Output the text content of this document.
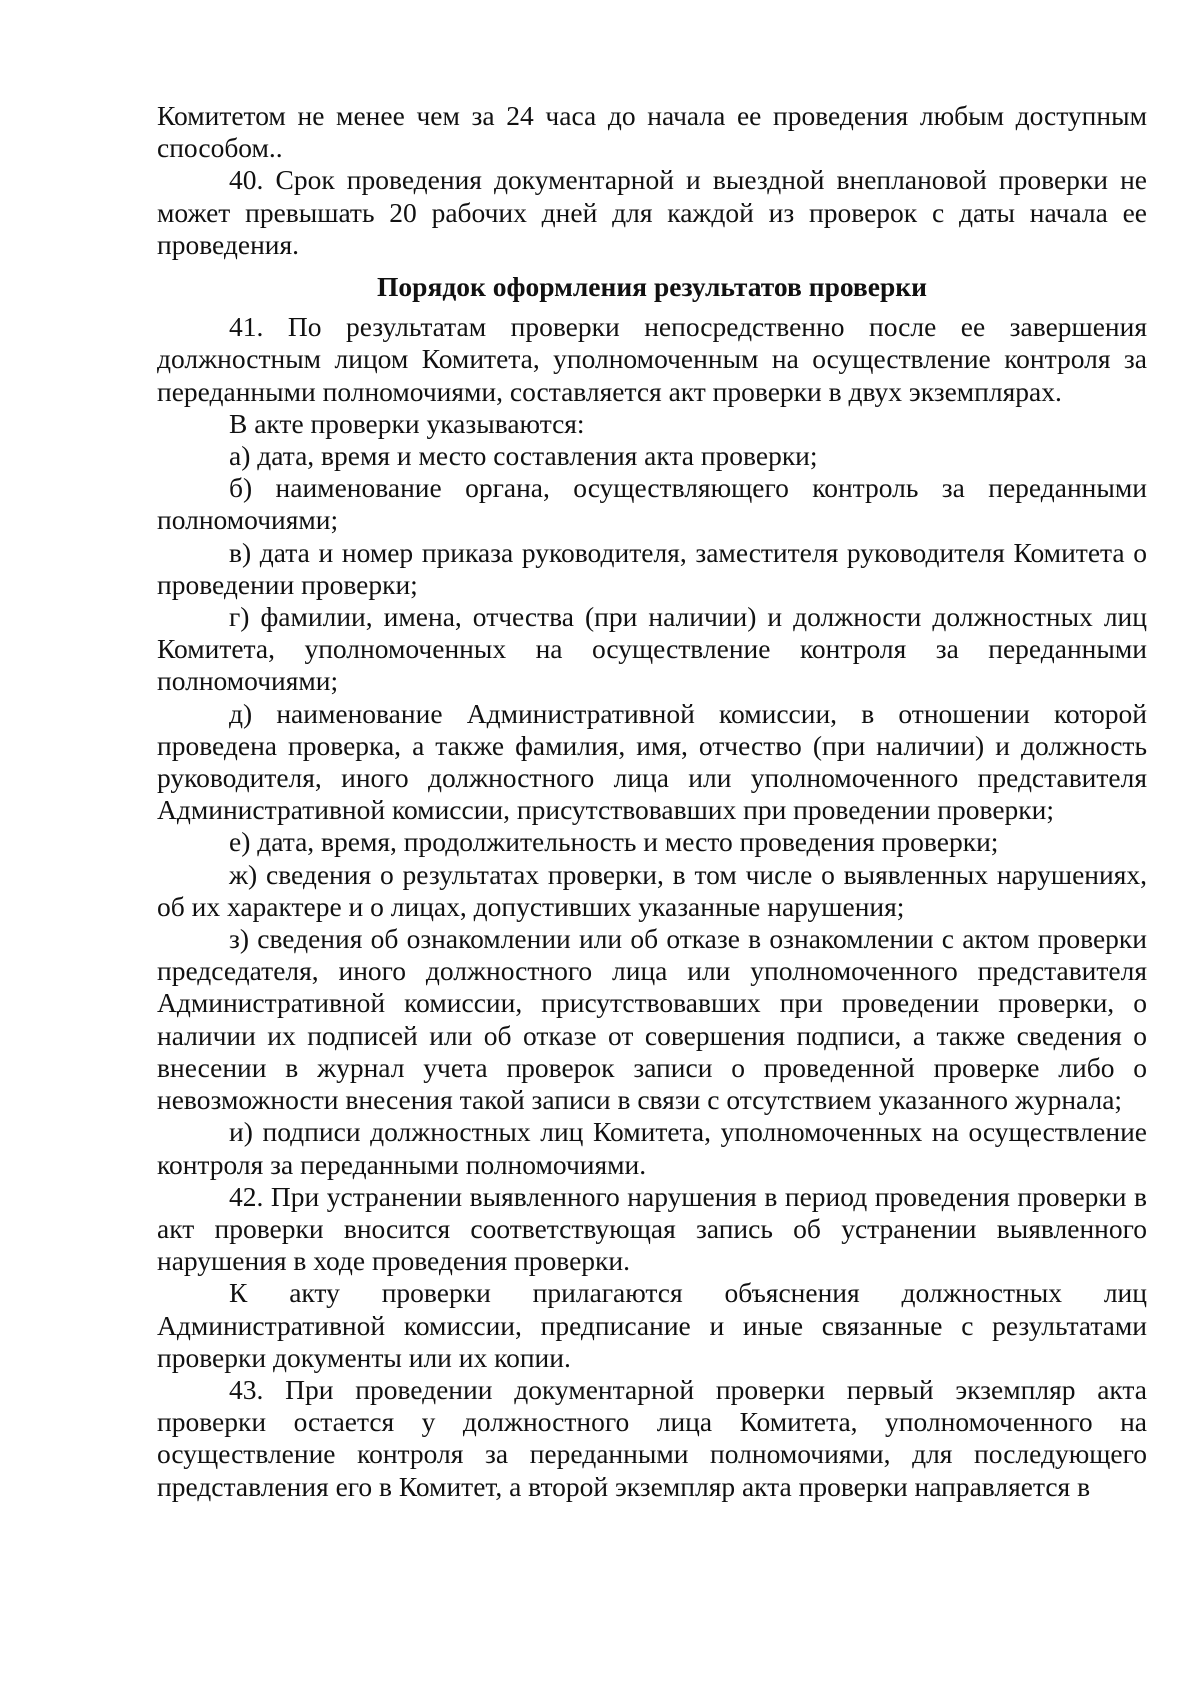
Комитетом не менее чем за 24 часа до начала ее проведения любым доступным способом..

40. Срок проведения документарной и выездной внеплановой проверки не может превышать 20 рабочих дней для каждой из проверок с даты начала ее проведения.

Порядок оформления результатов проверки

41. По результатам проверки непосредственно после ее завершения должностным лицом Комитета, уполномоченным на осуществление контроля за переданными полномочиями, составляется акт проверки в двух экземплярах.

В акте проверки указываются:

а) дата, время и место составления акта проверки;

б) наименование органа, осуществляющего контроль за переданными полномочиями;

в) дата и номер приказа руководителя, заместителя руководителя Комитета о проведении проверки;

г) фамилии, имена, отчества (при наличии) и должности должностных лиц Комитета, уполномоченных на осуществление контроля за переданными полномочиями;

д) наименование Административной комиссии, в отношении которой проведена проверка, а также фамилия, имя, отчество (при наличии) и должность руководителя, иного должностного лица или уполномоченного представителя Административной комиссии, присутствовавших при проведении проверки;

е) дата, время, продолжительность и место проведения проверки;

ж) сведения о результатах проверки, в том числе о выявленных нарушениях, об их характере и о лицах, допустивших указанные нарушения;

з) сведения об ознакомлении или об отказе в ознакомлении с актом проверки председателя, иного должностного лица или уполномоченного представителя Административной комиссии, присутствовавших при проведении проверки, о наличии их подписей или об отказе от совершения подписи, а также сведения о внесении в журнал учета проверок записи о проведенной проверке либо о невозможности внесения такой записи в связи с отсутствием указанного журнала;

и) подписи должностных лиц Комитета, уполномоченных на осуществление контроля за переданными полномочиями.

42. При устранении выявленного нарушения в период проведения проверки в акт проверки вносится соответствующая запись об устранении выявленного нарушения в ходе проведения проверки.

К акту проверки прилагаются объяснения должностных лиц Административной комиссии, предписание и иные связанные с результатами проверки документы или их копии.

43. При проведении документарной проверки первый экземпляр акта проверки остается у должностного лица Комитета, уполномоченного на осуществление контроля за переданными полномочиями, для последующего представления его в Комитет, а второй экземпляр акта проверки направляется в
